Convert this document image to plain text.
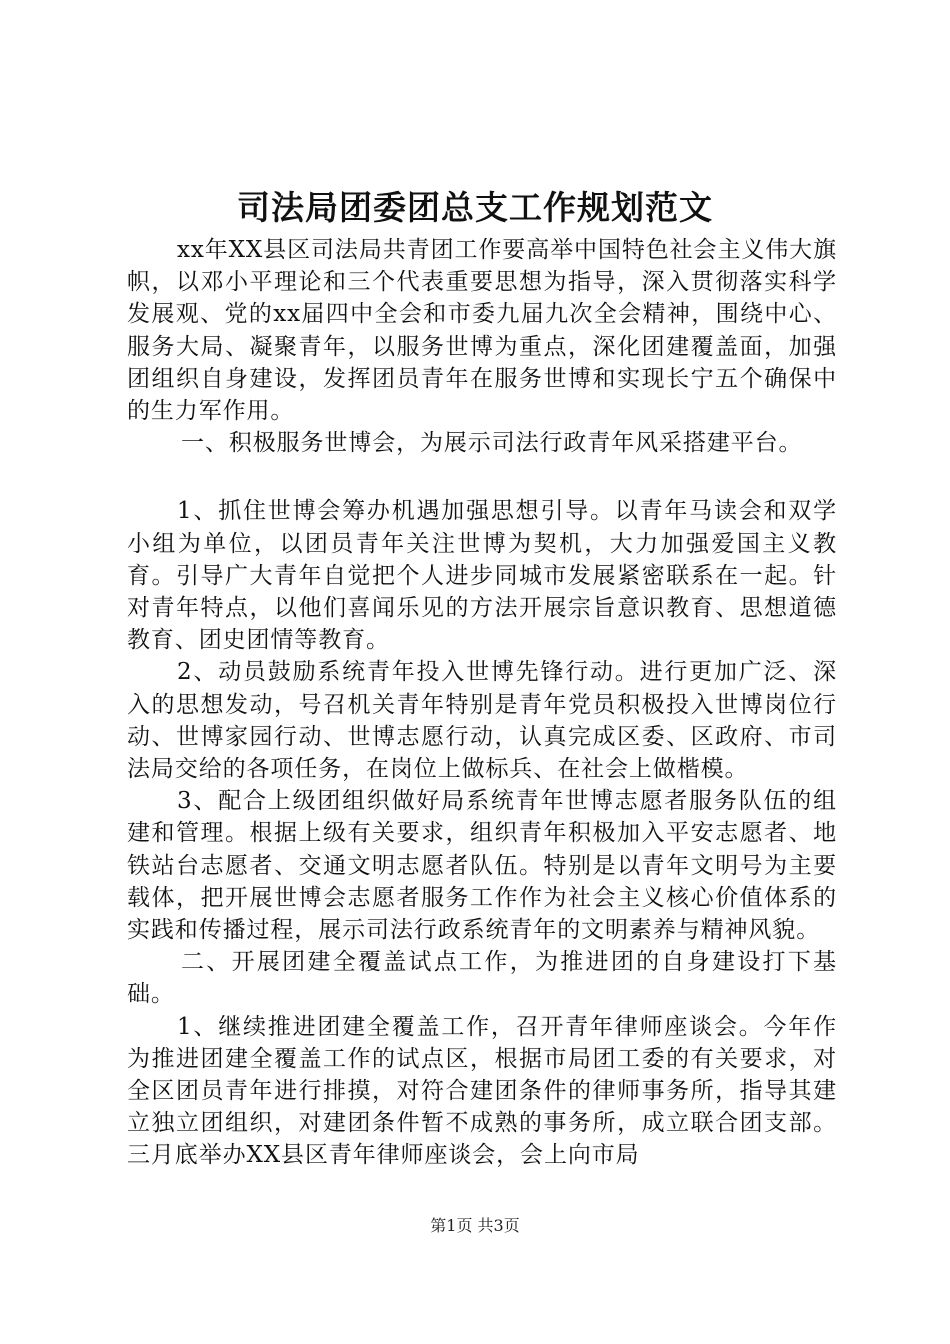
司法局团委团总支工作规划范文

xx年XX县区司法局共青团工作要高举中国特色社会主义伟大旗帜，以邓小平理论和三个代表重要思想为指导，深入贯彻落实科学发展观、党的xx届四中全会和市委九届九次全会精神，围绕中心、服务大局、凝聚青年，以服务世博为重点，深化团建覆盖面，加强团组织自身建设，发挥团员青年在服务世博和实现长宁五个确保中的生力军作用。

一、积极服务世博会，为展示司法行政青年风采搭建平台。

1、抓住世博会筹办机遇加强思想引导。以青年马读会和双学小组为单位，以团员青年关注世博为契机，大力加强爱国主义教育。引导广大青年自觉把个人进步同城市发展紧密联系在一起。针对青年特点，以他们喜闻乐见的方法开展宗旨意识教育、思想道德教育、团史团情等教育。

2、动员鼓励系统青年投入世博先锋行动。进行更加广泛、深入的思想发动，号召机关青年特别是青年党员积极投入世博岗位行动、世博家园行动、世博志愿行动，认真完成区委、区政府、市司法局交给的各项任务，在岗位上做标兵、在社会上做楷模。

3、配合上级团组织做好局系统青年世博志愿者服务队伍的组建和管理。根据上级有关要求，组织青年积极加入平安志愿者、地铁站台志愿者、交通文明志愿者队伍。特别是以青年文明号为主要载体，把开展世博会志愿者服务工作作为社会主义核心价值体系的实践和传播过程，展示司法行政系统青年的文明素养与精神风貌。

二、开展团建全覆盖试点工作，为推进团的自身建设打下基础。

1、继续推进团建全覆盖工作，召开青年律师座谈会。今年作为推进团建全覆盖工作的试点区，根据市局团工委的有关要求，对全区团员青年进行排摸，对符合建团条件的律师事务所，指导其建立独立团组织，对建团条件暂不成熟的事务所，成立联合团支部。三月底举办XX县区青年律师座谈会，会上向市局

第1页 共3页
